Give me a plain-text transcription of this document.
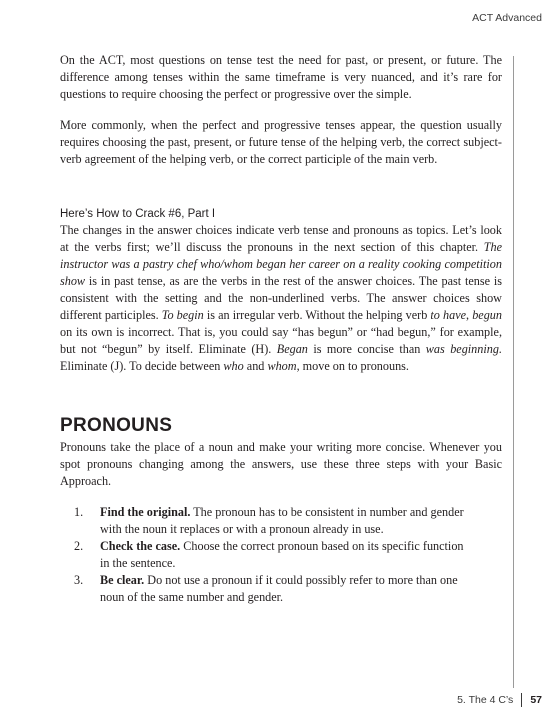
ACT Advanced

On the ACT, most questions on tense test the need for past, or present, or future. The difference among tenses within the same timeframe is very nuanced, and it’s rare for questions to require choosing the perfect or progressive over the simple.

More commonly, when the perfect and progressive tenses appear, the question usually requires choosing the past, present, or future tense of the helping verb, the correct subject-verb agreement of the helping verb, or the correct participle of the main verb.

Here’s How to Crack #6, Part I

The changes in the answer choices indicate verb tense and pronouns as topics. Let’s look at the verbs first; we’ll discuss the pronouns in the next section of this chapter. The instructor was a pastry chef who/whom began her career on a reality cooking competition show is in past tense, as are the verbs in the rest of the answer choices. The past tense is consistent with the setting and the non-underlined verbs. The answer choices show different participles. To begin is an irregular verb. Without the helping verb to have, begun on its own is incorrect. That is, you could say “has begun” or “had begun,” for example, but not “begun” by itself. Eliminate (H). Began is more concise than was beginning. Eliminate (J). To decide between who and whom, move on to pronouns.

PRONOUNS

Pronouns take the place of a noun and make your writing more concise. Whenever you spot pronouns changing among the answers, use these three steps with your Basic Approach.

1. Find the original. The pronoun has to be consistent in number and gender with the noun it replaces or with a pronoun already in use.
2. Check the case. Choose the correct pronoun based on its specific function in the sentence.
3. Be clear. Do not use a pronoun if it could possibly refer to more than one noun of the same number and gender.
5. The 4 C’s 57
